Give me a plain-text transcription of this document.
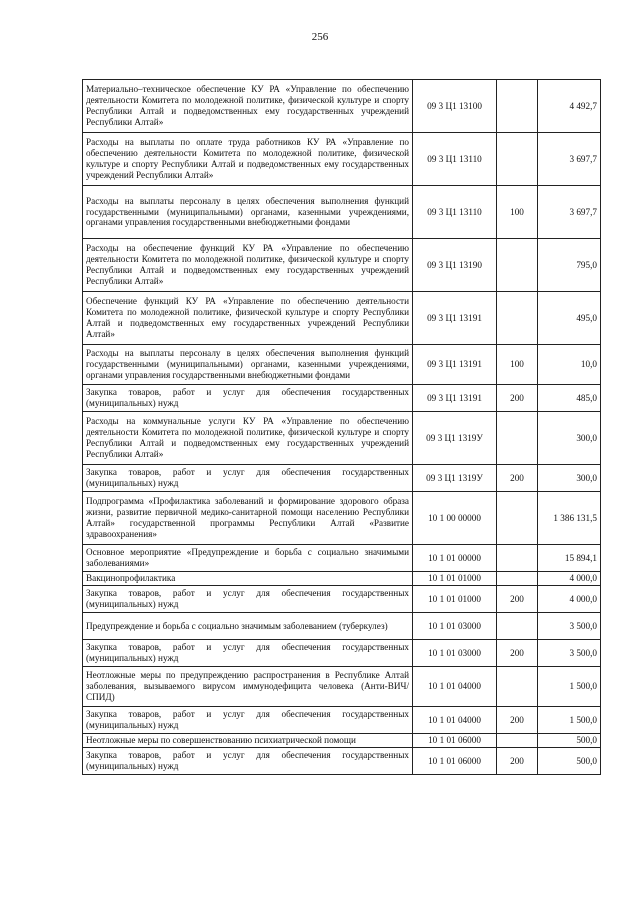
256
Материально–техническое обеспечение КУ РА «Управление по обеспечению деятельности Комитета по молодежной политике, физической культуре и спорту Республики Алтай и подведомственных ему государственных учреждений Республики Алтай»	09 3 Ц1 13100		4 492,7
Расходы на выплаты по оплате труда работников КУ РА «Управление по обеспечению деятельности Комитета по молодежной политике, физической культуре и спорту Республики Алтай и подведомственных ему государственных учреждений Республики Алтай»	09 3 Ц1 13110		3 697,7
Расходы на выплаты персоналу в целях обеспечения выполнения функций государственными (муниципальными) органами, казенными учреждениями, органами управления государственными внебюджетными фондами	09 3 Ц1 13110	100	3 697,7
Расходы на обеспечение функций КУ РА «Управление по обеспечению деятельности Комитета по молодежной политике, физической культуре и спорту Республики Алтай и подведомственных ему государственных учреждений Республики Алтай»	09 3 Ц1 13190		795,0
Обеспечение функций КУ РА «Управление по обеспечению деятельности Комитета по молодежной политике, физической культуре и спорту Республики Алтай и подведомственных ему государственных учреждений Республики Алтай»	09 3 Ц1 13191		495,0
Расходы на выплаты персоналу в целях обеспечения выполнения функций государственными (муниципальными) органами, казенными учреждениями, органами управления государственными внебюджетными фондами	09 3 Ц1 13191	100	10,0
Закупка товаров, работ и услуг для обеспечения государственных (муниципальных) нужд	09 3 Ц1 13191	200	485,0
Расходы на коммунальные услуги КУ РА «Управление по обеспечению деятельности Комитета по молодежной политике, физической культуре и спорту Республики Алтай и подведомственных ему государственных учреждений Республики Алтай»	09 3 Ц1 1319У		300,0
Закупка товаров, работ и услуг для обеспечения государственных (муниципальных) нужд	09 3 Ц1 1319У	200	300,0
Подпрограмма «Профилактика заболеваний и формирование здорового образа жизни, развитие первичной медико-санитарной помощи населению Республики Алтай» государственной программы Республики Алтай «Развитие здравоохранения»	10 1 00 00000		1 386 131,5
Основное мероприятие «Предупреждение и борьба с социально значимыми заболеваниями»	10 1 01 00000		15 894,1
Вакцинопрофилактика	10 1 01 01000		4 000,0
Закупка товаров, работ и услуг для обеспечения государственных (муниципальных) нужд	10 1 01 01000	200	4 000,0
Предупреждение и борьба с социально значимым заболеванием (туберкулез)	10 1 01 03000		3 500,0
Закупка товаров, работ и услуг для обеспечения государственных (муниципальных) нужд	10 1 01 03000	200	3 500,0
Неотложные меры по предупреждению распространения в Республике Алтай заболевания, вызываемого вирусом иммунодефицита человека (Анти-ВИЧ/СПИД)	10 1 01 04000		1 500,0
Закупка товаров, работ и услуг для обеспечения государственных (муниципальных) нужд	10 1 01 04000	200	1 500,0
Неотложные меры по совершенствованию психиатрической помощи	10 1 01 06000		500,0
Закупка товаров, работ и услуг для обеспечения государственных (муниципальных) нужд	10 1 01 06000	200	500,0
